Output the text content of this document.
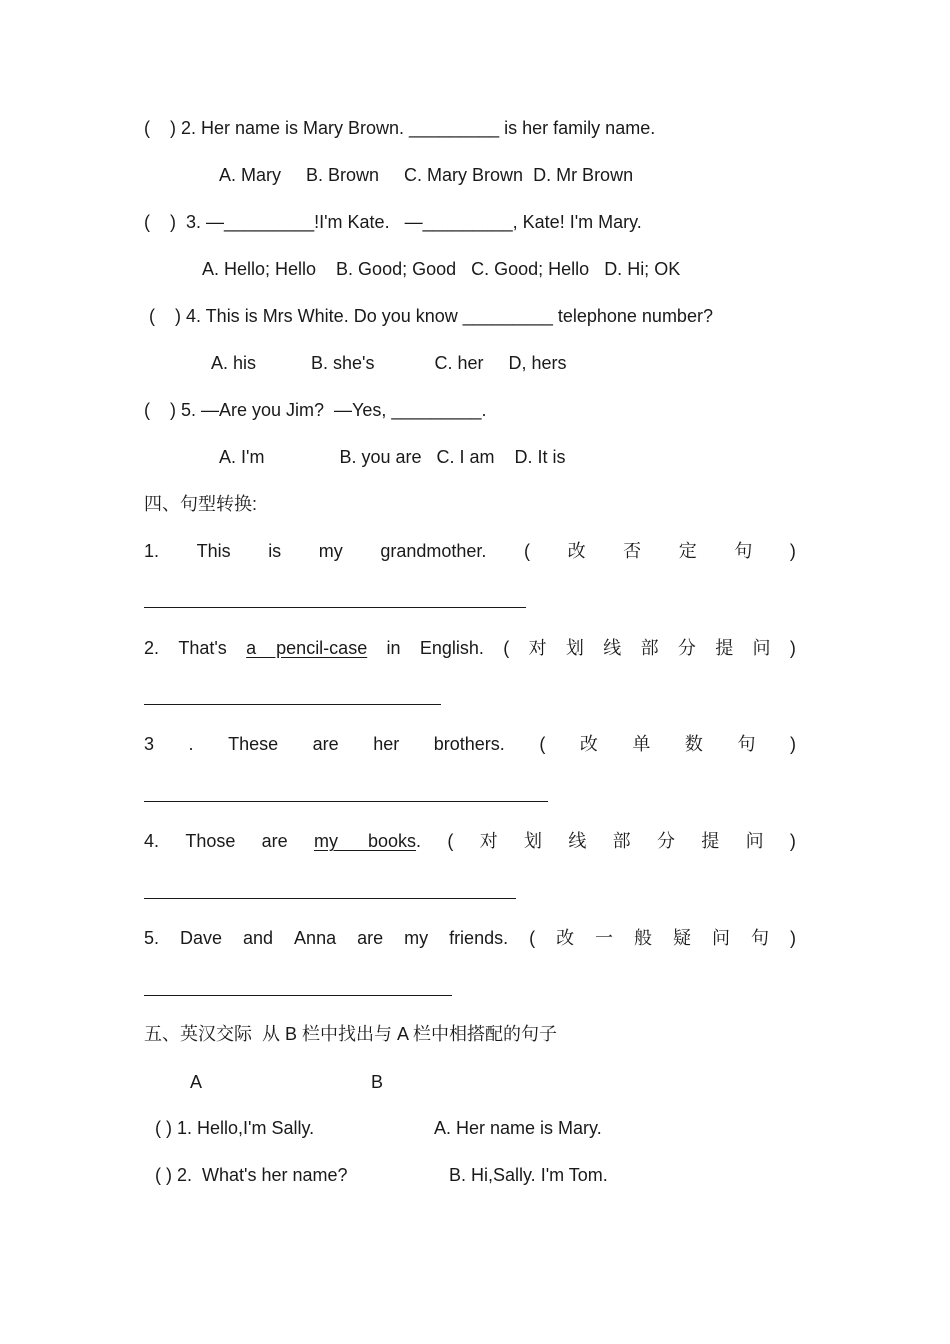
(    ) 2. Her name is Mary Brown. _________ is her family name.
A. Mary     B. Brown     C. Mary Brown  D. Mr Brown
(    )  3. —_________!I'm Kate.   —_________, Kate! I'm Mary.
A. Hello; Hello    B. Good; Good   C. Good; Hello   D. Hi; OK
(    ) 4. This is Mrs White. Do you know _________ telephone number?
A. his           B. she's            C. her     D, hers
(    ) 5. —Are you Jim?  —Yes, _________.
A. I'm               B. you are   C. I am    D. It is
四、句型转换:
1. This is my grandmother. ( 改 否 定 句 )
2. That's a    pencil-case in English. ( 对 划 线 部 分 提 问 )
3 . These are her brothers. ( 改 单 数 句 )
4. Those are my      books. ( 对 划 线 部 分 提 问 )
5. Dave and Anna are my friends. ( 改 一 般 疑 问 句 )
五、英汉交际  从 B 栏中找出与 A 栏中相搭配的句子
A	B
( ) 1. Hello,I'm Sally.	A. Her name is Mary.
( ) 2.  What's her name?	B. Hi,Sally. I'm Tom.
